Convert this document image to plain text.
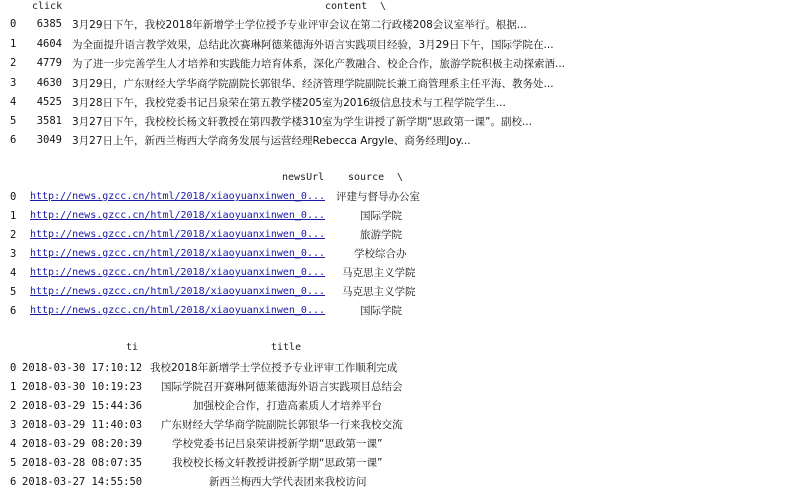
click	content \
0	6385 3月29日下午，我校2018年新增学士学位授予专业评审会议在第二行政楼208会议室举行。根据...
1	4604 为全面提升语言教学效果，总结此次赛琳阿德莱德海外语言实践项目经验，3月29日下午，国际学院在...
2	4779 为了进一步完善学生人才培养和实践能力培育体系，深化产教融合、校企合作，旅游学院积极主动探索酒...
3	4630 3月29日，广东财经大学华商学院副院长郭银华、经济管理学院副院长兼工商管理系主任平海、教务处...
4	4525 3月28日下午，我校党委书记吕泉荣在第五教学楼205室为2016级信息技术与工程学院学生...
5	3581 3月27日下午，我校校长杨文轩教授在第四教学楼310室为学生讲授了新学期“思政第一课”。副校...
6	3049 3月27日上午，新西兰梅西大学商务发展与运营经理Rebecca Argyle、商务经理Joy...
newsUrl source \
0	http://news.gzcc.cn/html/2018/xiaoyuanxinwen_0... 评建与督导办公室
1	http://news.gzcc.cn/html/2018/xiaoyuanxinwen_0...	国际学院
2	http://news.gzcc.cn/html/2018/xiaoyuanxinwen_0...	旅游学院
3	http://news.gzcc.cn/html/2018/xiaoyuanxinwen_0...	学校综合办
4	http://news.gzcc.cn/html/2018/xiaoyuanxinwen_0... 马克思主义学院
5	http://news.gzcc.cn/html/2018/xiaoyuanxinwen_0... 马克思主义学院
6	http://news.gzcc.cn/html/2018/xiaoyuanxinwen_0...	国际学院
ti	title
0 2018-03-30 17:10:12 我校2018年新增学士学位授予专业评审工作顺利完成
1 2018-03-30 10:19:23 国际学院召开赛琳阿德莱德海外语言实践项目总结会
2 2018-03-29 15:44:36	加强校企合作，打造高素质人才培养平台
3 2018-03-29 11:40:03 广东财经大学华商学院副院长郭银华一行来我校交流
4 2018-03-29 08:20:39	学校党委书记吕泉荣讲授新学期“思政第一课”
5 2018-03-28 08:07:35	我校校长杨文轩教授讲授新学期“思政第一课”
6 2018-03-27 14:55:50	新西兰梅西大学代表团来我校访问
